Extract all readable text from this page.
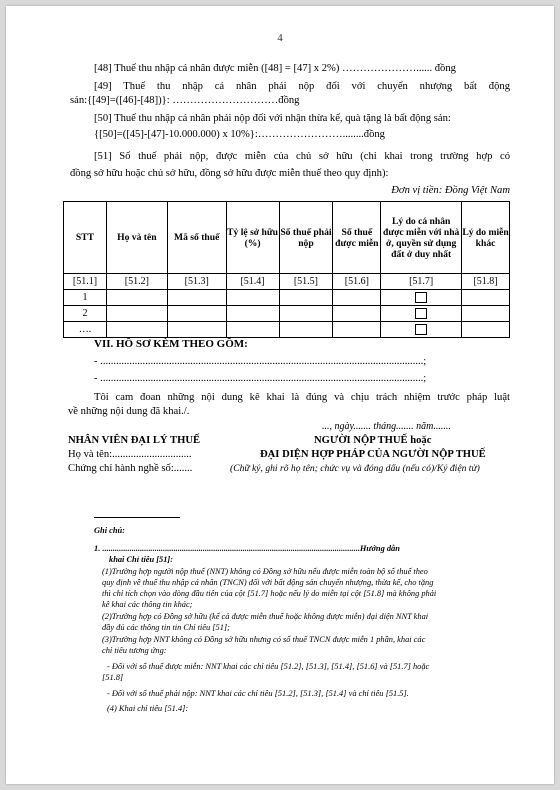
4
[48] Thuế thu nhập cá nhân được miễn ([48] = [47] x 2%) …………………...... đồng
[49] Thuế thu nhập cá nhân phải nộp đối với chuyển nhượng bất động
sản:{[49]=([46]-[48])}: …………………………đồng
[50] Thuế thu nhập cá nhân phải nộp đối với nhận thừa kế, quà tặng là bất động sản:
{[50]=([45]-[47]-10.000.000) x 10%}:……………………........đồng
[51] Số thuế phải nộp, được miễn của chủ sở hữu (chỉ khai trong trường hợp có
đồng sở hữu hoặc chủ sở hữu, đồng sở hữu được miễn thuế theo quy định):
Đơn vị tiền: Đồng Việt Nam
STT	Họ và tên	Mã số thuế	Tỷ lệ sở hữu (%)	Số thuế phải nộp	Số thuế được miễn	Lý do cá nhân được miễn với nhà ở, quyền sử dụng đất ở duy nhất	Lý do miễn khác
[51.1]	[51.2]	[51.3]	[51.4]	[51.5]	[51.6]	[51.7]	[51.8]
1							
2							
….							
VII. HỒ SƠ KÈM THEO GỒM:
- ..........................................................................................................................;
- ..........................................................................................................................;
Tôi cam đoan những nội dung kê khai là đúng và chịu trách nhiệm trước pháp luật
về những nội dung đã khai./.
..., ngày....... tháng....... năm.......
NHÂN VIÊN ĐẠI LÝ THUẾ
Họ và tên:..............................
Chứng chỉ hành nghề số:.......
NGƯỜI NỘP THUẾ hoặc
ĐẠI DIỆN HỢP PHÁP CỦA NGƯỜI NỘP THUẾ
(Chữ ký, ghi rõ họ tên; chức vụ và đóng dấu (nếu có)/Ký điện tử)
Ghi chú:
1. ...........................................................................................................................Hướng dẫn
khai Chỉ tiêu [51]:
(1)Trường hợp người nộp thuế (NNT) không có Đồng sở hữu nếu được miễn toàn bộ số thuế theo
quy định về thuế thu nhập cá nhân (TNCN) đối với bất động sản chuyển nhượng, thừa kế, cho tặng
thì chỉ tích chọn vào dòng đầu tiên của cột [51.7] hoặc nếu lý do miễn tại cột [51.8] mà không phải
kê khai các thông tin khác;
(2)Trường hợp có Đồng sở hữu (kể cả được miễn thuế hoặc không được miễn) đại diện NNT khai
đầy đủ các thông tin tin Chỉ tiêu [51];
(3)Trường hợp NNT không có Đồng sở hữu nhưng có số thuế TNCN được miễn 1 phần, khai các
chỉ tiêu tương ứng:
- Đối với số thuế được miễn: NNT khai các chỉ tiêu [51.2], [51.3], [51.4], [51.6] và [51.7] hoặc
[51.8]
- Đối với số thuế phải nộp: NNT khai các chỉ tiêu [51.2], [51.3], [51.4] và chỉ tiêu [51.5].
(4) Khai chỉ tiêu [51.4]:
